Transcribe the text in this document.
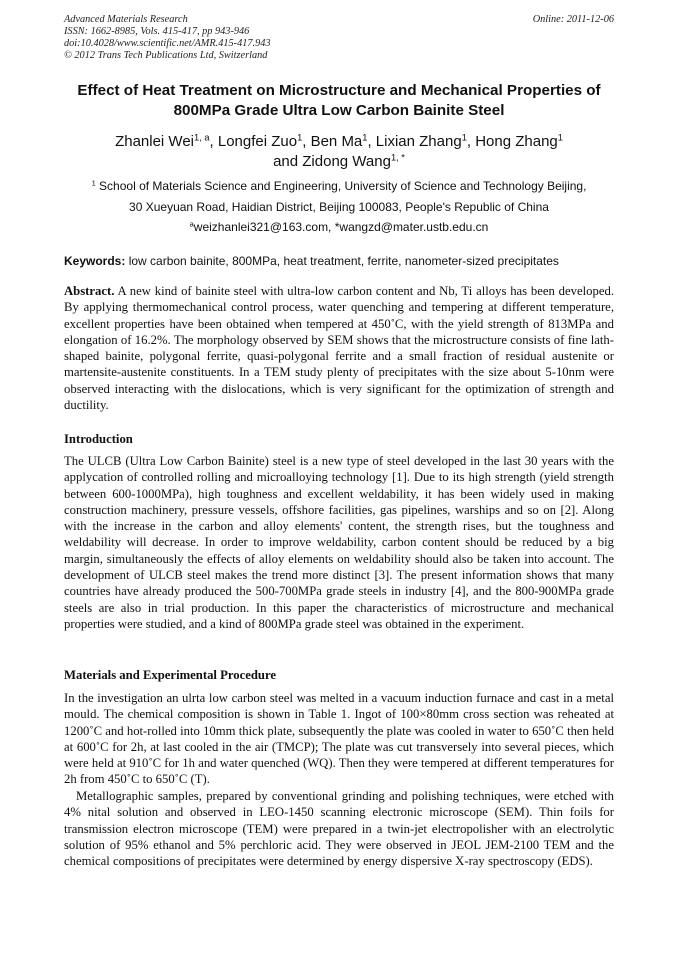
Advanced Materials Research
ISSN: 1662-8985, Vols. 415-417, pp 943-946
doi:10.4028/www.scientific.net/AMR.415-417.943
© 2012 Trans Tech Publications Ltd, Switzerland
Online: 2011-12-06
Effect of Heat Treatment on Microstructure and Mechanical Properties of
800MPa Grade Ultra Low Carbon Bainite Steel
Zhanlei Wei$^{1, a}$, Longfei Zuo$^1$, Ben Ma$^1$, Lixian Zhang$^1$, Hong Zhang$^1$
and Zidong Wang$^{1, *}$
$^1$ School of Materials Science and Engineering, University of Science and Technology Beijing,
30 Xueyuan Road, Haidian District, Beijing 100083, People's Republic of China
$^a$weizhanlei321@163.com, *wangzd@mater.ustb.edu.cn
Keywords: low carbon bainite, 800MPa, heat treatment, ferrite, nanometer-sized precipitates
Abstract. A new kind of bainite steel with ultra-low carbon content and Nb, Ti alloys has been developed. By applying thermomechanical control process, water quenching and tempering at different temperature, excellent properties have been obtained when tempered at 450˚C, with the yield strength of 813MPa and elongation of 16.2%. The morphology observed by SEM shows that the microstructure consists of fine lath-shaped bainite, polygonal ferrite, quasi-polygonal ferrite and a small fraction of residual austenite or martensite-austenite constituents. In a TEM study plenty of precipitates with the size about 5-10nm were observed interacting with the dislocations, which is very significant for the optimization of strength and ductility.
Introduction
The ULCB (Ultra Low Carbon Bainite) steel is a new type of steel developed in the last 30 years with the applycation of controlled rolling and microalloying technology [1]. Due to its high strength (yield strength between 600-1000MPa), high toughness and excellent weldability, it has been widely used in making construction machinery, pressure vessels, offshore facilities, gas pipelines, warships and so on [2]. Along with the increase in the carbon and alloy elements' content, the strength rises, but the toughness and weldability will decrease. In order to improve weldability, carbon content should be reduced by a big margin, simultaneously the effects of alloy elements on weldability should also be taken into account. The development of ULCB steel makes the trend more distinct [3]. The present information shows that many countries have already produced the 500-700MPa grade steels in industry [4], and the 800-900MPa grade steels are also in trial production. In this paper the characteristics of microstructure and mechanical properties were studied, and a kind of 800MPa grade steel was obtained in the experiment.
Materials and Experimental Procedure
In the investigation an ulrta low carbon steel was melted in a vacuum induction furnace and cast in a metal mould. The chemical composition is shown in Table 1. Ingot of 100×80mm cross section was reheated at 1200˚C and hot-rolled into 10mm thick plate, subsequently the plate was cooled in water to 650˚C then held at 600˚C for 2h, at last cooled in the air (TMCP); The plate was cut transversely into several pieces, which were held at 910˚C for 1h and water quenched (WQ). Then they were tempered at different temperatures for 2h from 450˚C to 650˚C (T).
Metallographic samples, prepared by conventional grinding and polishing techniques, were etched with 4% nital solution and observed in LEO-1450 scanning electronic microscope (SEM). Thin foils for transmission electron microscope (TEM) were prepared in a twin-jet electropolisher with an electrolytic solution of 95% ethanol and 5% perchloric acid. They were observed in JEOL JEM-2100 TEM and the chemical compositions of precipitates were determined by energy dispersive X-ray spectroscopy (EDS).
